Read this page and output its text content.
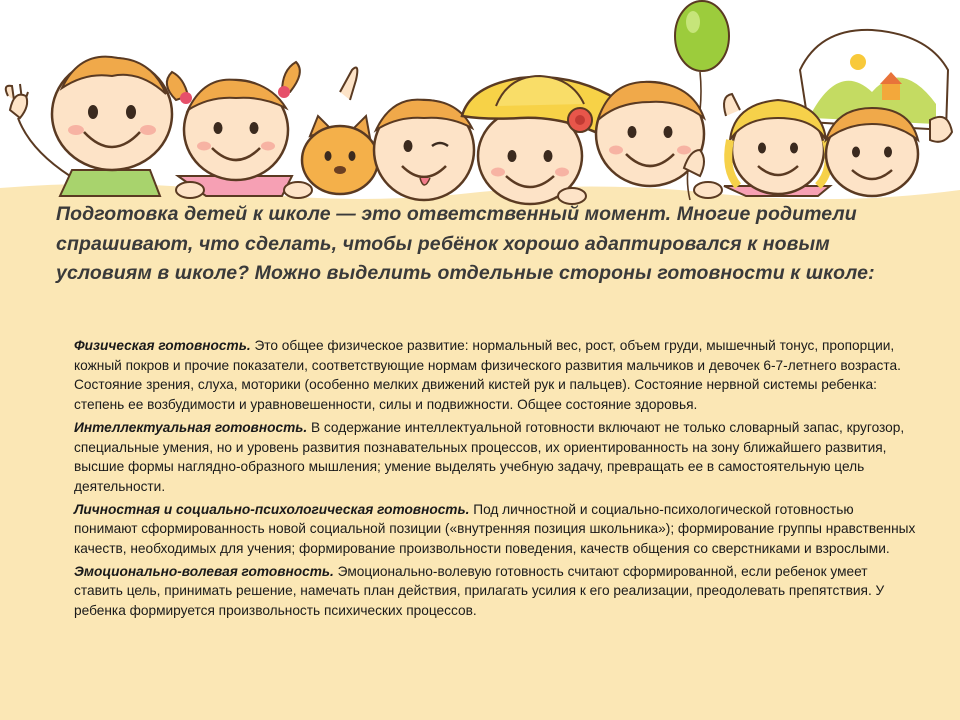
Подготовка детей к школе — это ответственный момент. Многие родители спрашивают, что сделать, чтобы ребёнок хорошо адаптировался к новым условиям в школе? Можно выделить отдельные стороны готовности к школе:

Физическая готовность. Это общее физическое развитие: нормальный вес, рост, объем груди, мышечный тонус, пропорции, кожный покров и прочие показатели, соответствующие нормам физического развития мальчиков и девочек 6-7-летнего возраста. Состояние зрения, слуха, моторики (особенно мелких движений кистей рук и пальцев). Состояние нервной системы ребенка: степень ее возбудимости и уравновешенности, силы и подвижности. Общее состояние здоровья.

Интеллектуальная готовность. В содержание интеллектуальной готовности включают не только словарный запас, кругозор, специальные умения, но и уровень развития познавательных процессов, их ориентированность на зону ближайшего развития, высшие формы наглядно-образного мышления; умение выделять учебную задачу, превращать ее в самостоятельную цель деятельности.

Личностная и социально-психологическая готовность. Под личностной и социально-психологической готовностью понимают сформированность новой социальной позиции («внутренняя позиция школьника»); формирование группы нравственных качеств, необходимых для учения; формирование произвольности поведения, качеств общения со сверстниками и взрослыми.

Эмоционально-волевая готовность. Эмоционально-волевую готовность считают сформированной, если ребенок умеет ставить цель, принимать решение, намечать план действия, прилагать усилия к его реализации, преодолевать препятствия. У ребенка формируется произвольность психических процессов.
